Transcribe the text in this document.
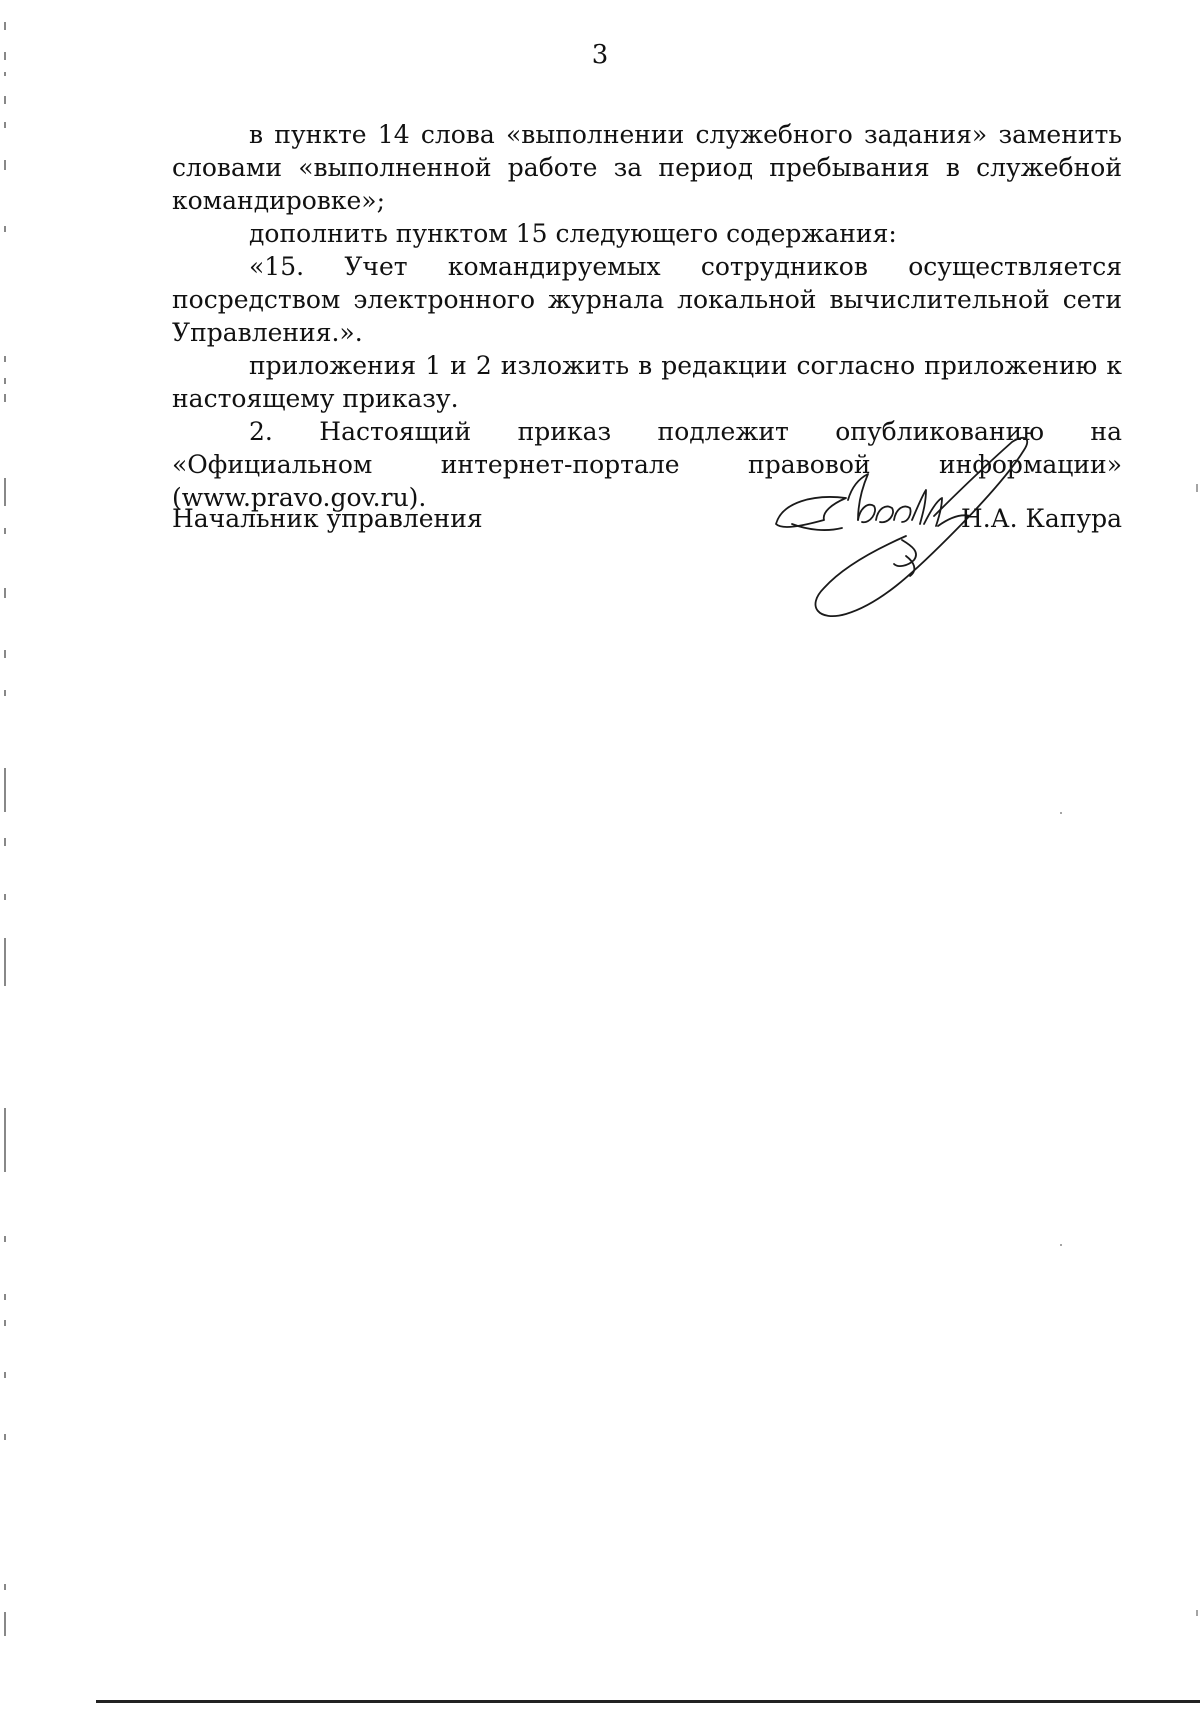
3

в пункте 14 слова «выполнении служебного задания» заменить словами «выполненной работе за период пребывания в служебной командировке»;

дополнить пунктом 15 следующего содержания:

«15. Учет командируемых сотрудников осуществляется посредством электронного журнала локальной вычислительной сети Управления.».

приложения 1 и 2 изложить в редакции согласно приложению к настоящему приказу.

2. Настоящий приказ подлежит опубликованию на «Официальном интернет-портале правовой информации» (www.pravo.gov.ru).

Начальник управления	Н.А. Капура
